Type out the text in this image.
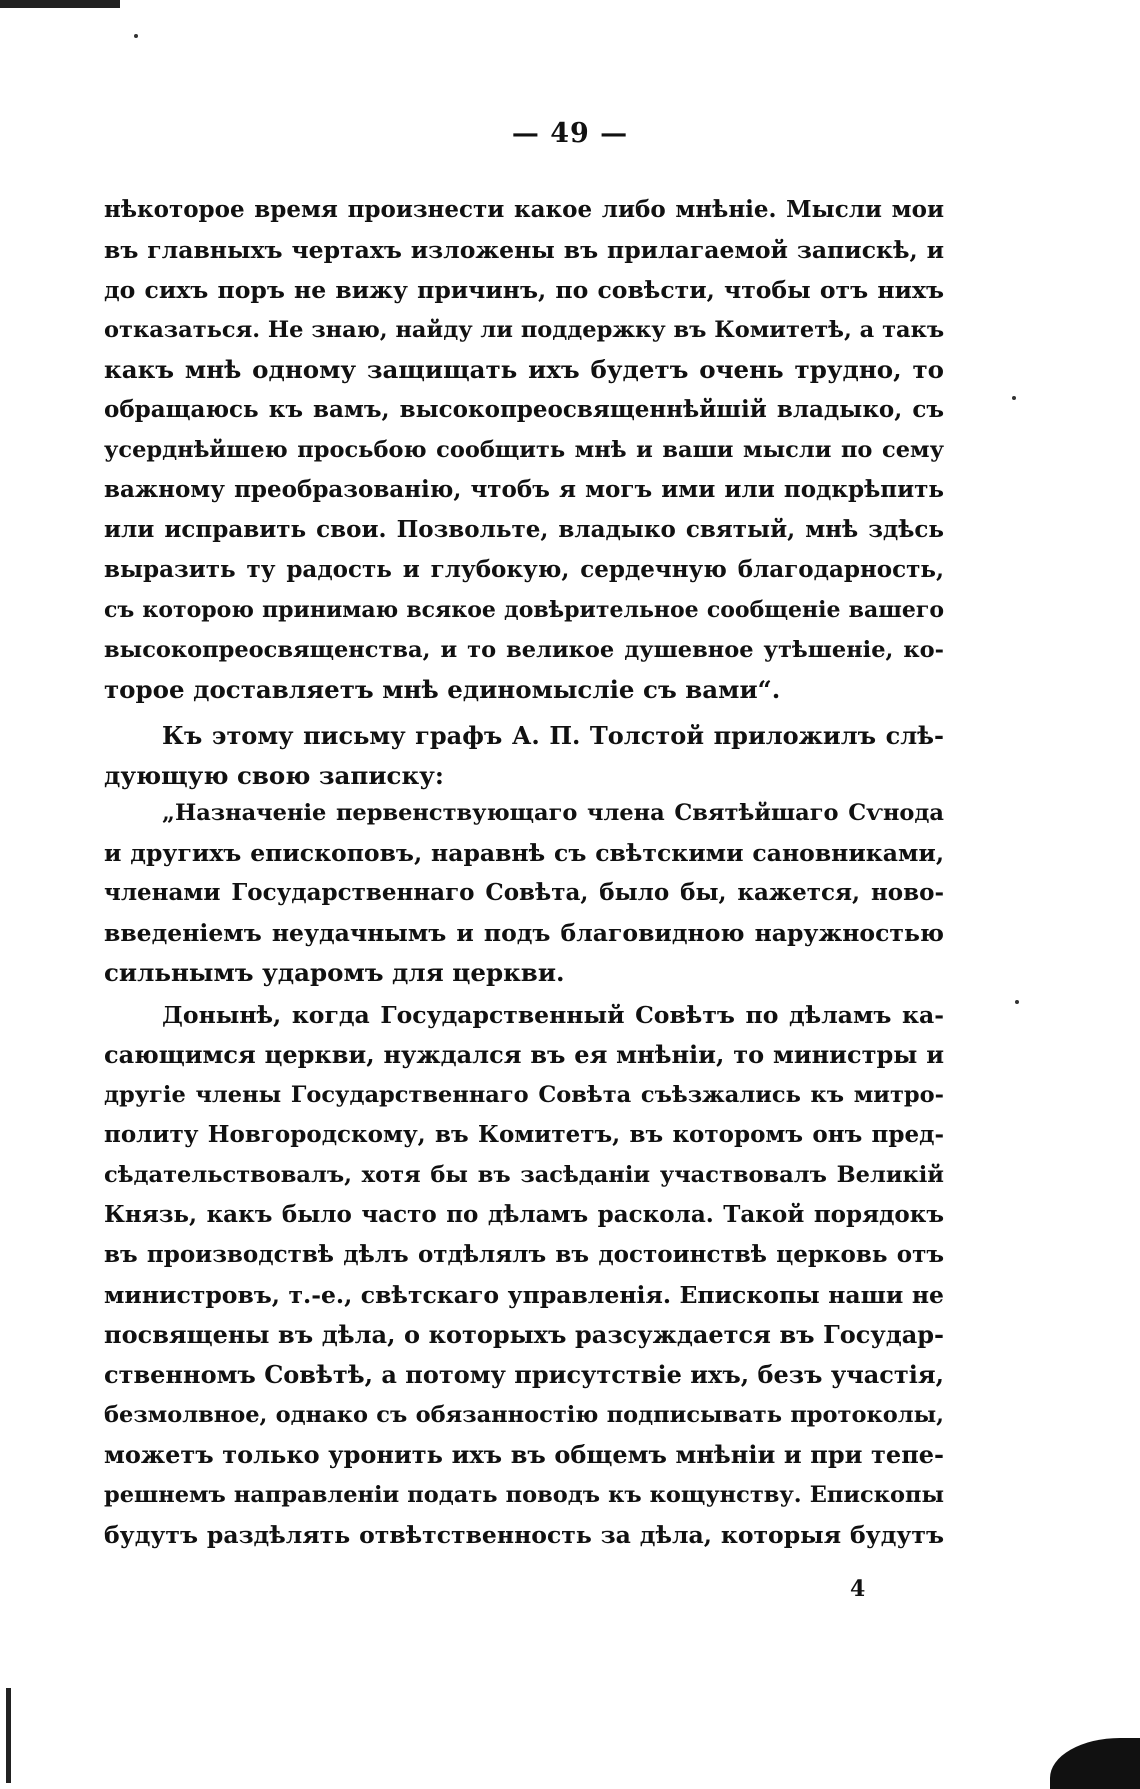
— 49 —
нѣкоторое время произнести какое либо мнѣніе. Мысли мои
въ главныхъ чертахъ изложены въ прилагаемой запискѣ, и
до сихъ поръ не вижу причинъ, по совѣсти, чтобы отъ нихъ
отказаться. Не знаю, найду ли поддержку въ Комитетѣ, а такъ
какъ мнѣ одному защищать ихъ будетъ очень трудно, то
обращаюсь къ вамъ, высокопреосвященнѣйшій владыко, съ
усерднѣйшею просьбою сообщить мнѣ и ваши мысли по сему
важному преобразованію, чтобъ я могъ ими или подкрѣпить
или исправить свои. Позвольте, владыко святый, мнѣ здѣсь
выразить ту радость и глубокую, сердечную благодарность,
съ которою принимаю всякое довѣрительное сообщеніе вашего
высокопреосвященства, и то великое душевное утѣшеніе, ко-
торое доставляетъ мнѣ единомысліе съ вами“.
Къ этому письму графъ А. П. Толстой приложилъ слѣ-
дующую свою записку:
„Назначеніе первенствующаго члена Святѣйшаго Сѵнода
и другихъ епископовъ, наравнѣ съ свѣтскими сановниками,
членами Государственнаго Совѣта, было бы, кажется, ново-
введеніемъ неудачнымъ и подъ благовидною наружностью
сильнымъ ударомъ для церкви.
Донынѣ, когда Государственный Совѣтъ по дѣламъ ка-
сающимся церкви, нуждался въ ея мнѣніи, то министры и
другіе члены Государственнаго Совѣта съѣзжались къ митро-
политу Новгородскому, въ Комитетъ, въ которомъ онъ пред-
сѣдательствовалъ, хотя бы въ засѣданіи участвовалъ Великій
Князь, какъ было часто по дѣламъ раскола. Такой порядокъ
въ производствѣ дѣлъ отдѣлялъ въ достоинствѣ церковь отъ
министровъ, т.-е., свѣтскаго управленія. Епископы наши не
посвящены въ дѣла, о которыхъ разсуждается въ Государ-
ственномъ Совѣтѣ, а потому присутствіе ихъ, безъ участія,
безмолвное, однако съ обязанностію подписывать протоколы,
можетъ только уронить ихъ въ общемъ мнѣніи и при тепе-
решнемъ направленіи подать поводъ къ кощунству. Епископы
будутъ раздѣлять отвѣтственность за дѣла, которыя будутъ
4
